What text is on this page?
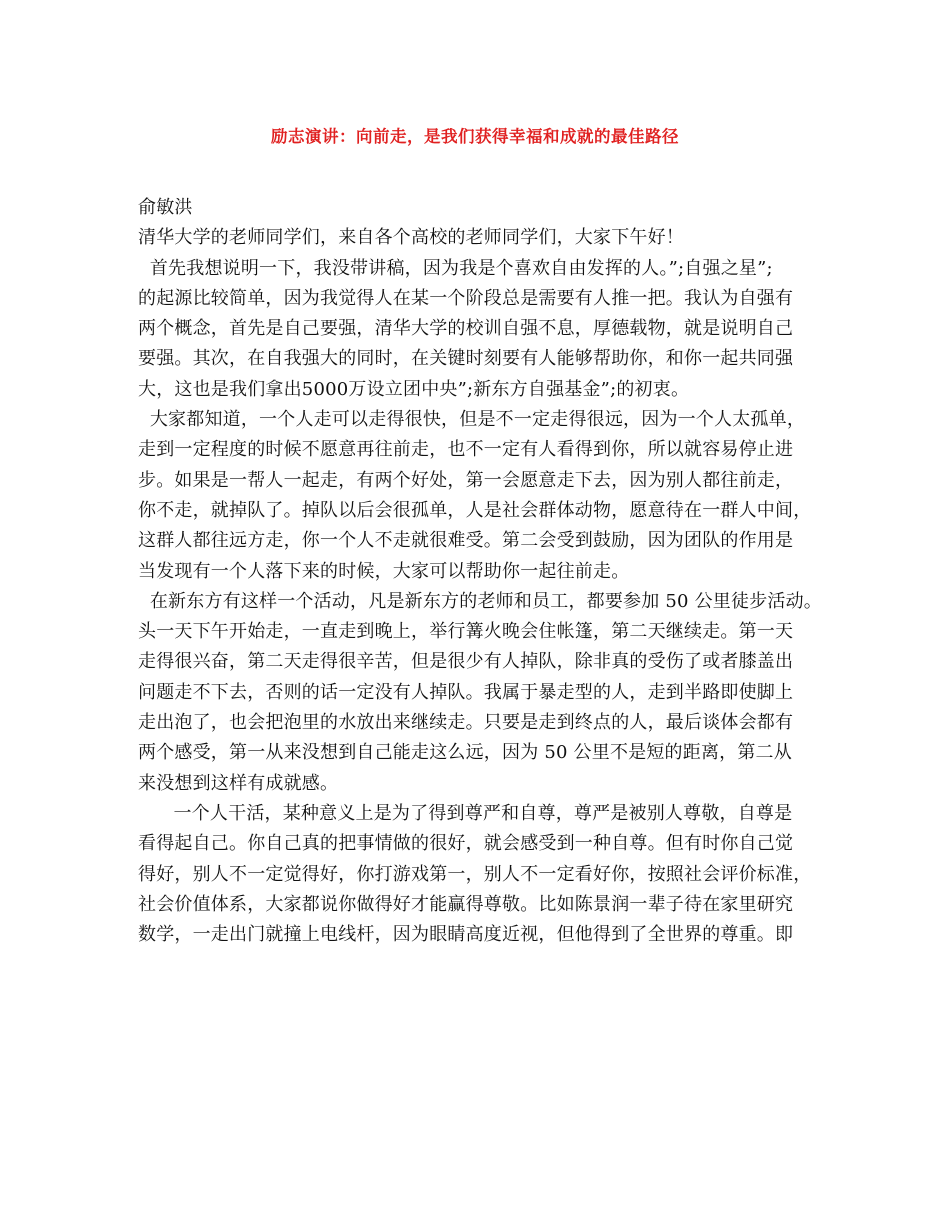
励志演讲：向前走，是我们获得幸福和成就的最佳路径
俞敏洪
清华大学的老师同学们，来自各个高校的老师同学们，大家下午好！
首先我想说明一下，我没带讲稿，因为我是个喜欢自由发挥的人。”;自强之星”;
的起源比较简单，因为我觉得人在某一个阶段总是需要有人推一把。我认为自强有
两个概念，首先是自己要强，清华大学的校训自强不息，厚德载物，就是说明自己
要强。其次，在自我强大的同时，在关键时刻要有人能够帮助你，和你一起共同强
大，这也是我们拿出5000万设立团中央”;新东方自强基金”;的初衷。
大家都知道，一个人走可以走得很快，但是不一定走得很远，因为一个人太孤单，
走到一定程度的时候不愿意再往前走，也不一定有人看得到你，所以就容易停止进
步。如果是一帮人一起走，有两个好处，第一会愿意走下去，因为别人都往前走，
你不走，就掉队了。掉队以后会很孤单，人是社会群体动物，愿意待在一群人中间，
这群人都往远方走，你一个人不走就很难受。第二会受到鼓励，因为团队的作用是
当发现有一个人落下来的时候，大家可以帮助你一起往前走。
在新东方有这样一个活动，凡是新东方的老师和员工，都要参加 50 公里徒步活动。
头一天下午开始走，一直走到晚上，举行篝火晚会住帐篷，第二天继续走。第一天
走得很兴奋，第二天走得很辛苦，但是很少有人掉队，除非真的受伤了或者膝盖出
问题走不下去，否则的话一定没有人掉队。我属于暴走型的人，走到半路即使脚上
走出泡了，也会把泡里的水放出来继续走。只要是走到终点的人，最后谈体会都有
两个感受，第一从来没想到自己能走这么远，因为 50 公里不是短的距离，第二从
来没想到这样有成就感。
一个人干活，某种意义上是为了得到尊严和自尊，尊严是被别人尊敬，自尊是
看得起自己。你自己真的把事情做的很好，就会感受到一种自尊。但有时你自己觉
得好，别人不一定觉得好，你打游戏第一，别人不一定看好你，按照社会评价标准，
社会价值体系，大家都说你做得好才能赢得尊敬。比如陈景润一辈子待在家里研究
数学，一走出门就撞上电线杆，因为眼睛高度近视，但他得到了全世界的尊重。即
